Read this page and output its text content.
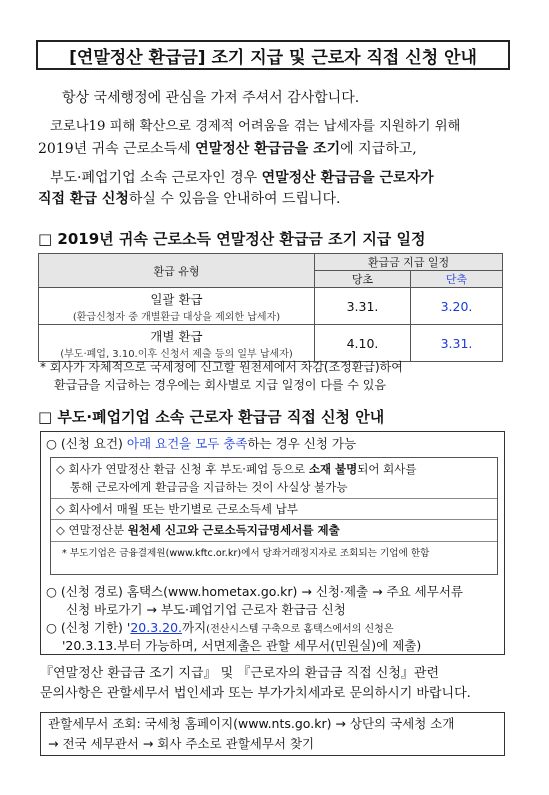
[연말정산 환급금] 조기 지급 및 근로자 직접 신청 안내
항상 국세행정에 관심을 가져 주셔서 감사합니다.
코로나19 피해 확산으로 경제적 어려움을 겪는 납세자를 지원하기 위해
2019년 귀속 근로소득세 연말정산 환급금을 조기에 지급하고,
부도·폐업기업 소속 근로자인 경우 연말정산 환급금을 근로자가
직접 환급 신청하실 수 있음을 안내하여 드립니다.
□ 2019년 귀속 근로소득 연말정산 환급금 조기 지급 일정
환급 유형	환급금 지급 일정	
	당초	단축

일괄 환급
(환급신청자 중 개별환급 대상을 제외한 납세자)	3.31.	3.20.

개별 환급
(부도·폐업, 3.10.이후 신청서 제출 등의 일부 납세자)	4.10.	3.31.
* 회사가 자체적으로 국세청에 신고할 원천세에서 차감(조정환급)하여
환급금을 지급하는 경우에는 회사별로 지급 일정이 다를 수 있음
□ 부도·폐업기업 소속 근로자 환급금 직접 신청 안내
○ (신청 요건) 아래 요건을 모두 충족하는 경우 신청 가능
◇ 회사가 연말정산 환급 신청 후 부도·폐업 등으로 소재 불명되어 회사를
통해 근로자에게 환급금을 지급하는 것이 사실상 불가능
◇ 회사에서 매월 또는 반기별로 근로소득세 납부
◇ 연말정산분 원천세 신고와 근로소득지급명세서를 제출
* 부도기업은 금융결제원(www.kftc.or.kr)에서 당좌거래정지자로 조회되는 기업에 한함
○ (신청 경로) 홈택스(www.hometax.go.kr) → 신청·제출 → 주요 세무서류
신청 바로가기 → 부도·폐업기업 근로자 환급금 신청
○ (신청 기한) '20.3.20.까지(전산시스템 구축으로 홈택스에서의 신청은
'20.3.13.부터 가능하며, 서면제출은 관할 세무서(민원실)에 제출)
『연말정산 환급금 조기 지급』 및 『근로자의 환급금 직접 신청』관련
문의사항은 관할세무서 법인세과 또는 부가가치세과로 문의하시기 바랍니다.
관할세무서 조회: 국세청 홈페이지(www.nts.go.kr) → 상단의 국세청 소개
→ 전국 세무관서 → 회사 주소로 관할세무서 찾기
